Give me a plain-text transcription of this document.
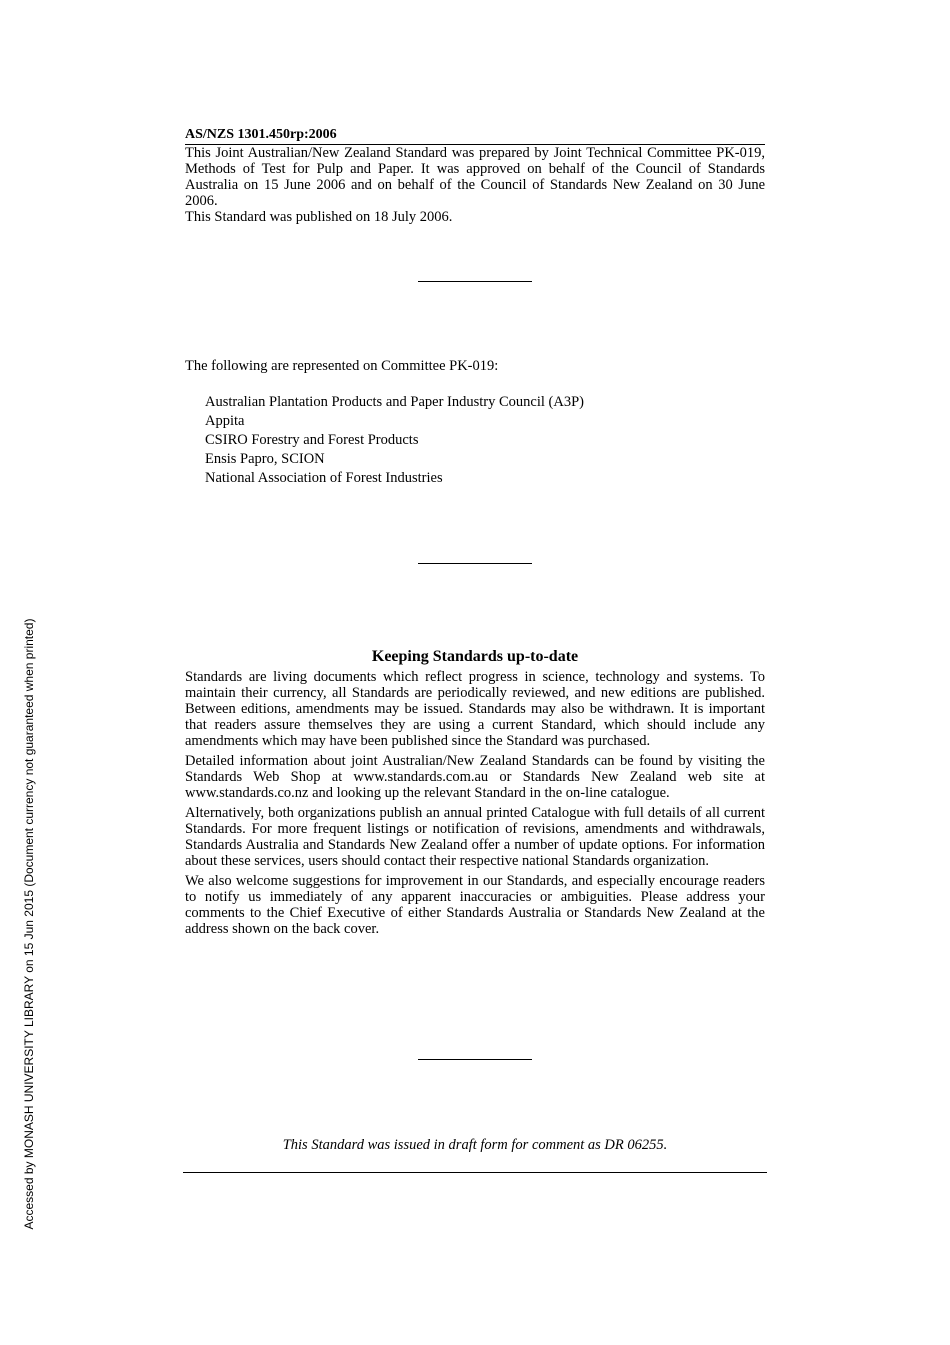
AS/NZS 1301.450rp:2006

This Joint Australian/New Zealand Standard was prepared by Joint Technical Committee PK-019, Methods of Test for Pulp and Paper. It was approved on behalf of the Council of Standards Australia on 15 June 2006 and on behalf of the Council of Standards New Zealand on 30 June 2006.

This Standard was published on 18 July 2006.

The following are represented on Committee PK-019:
Australian Plantation Products and Paper Industry Council (A3P)
Appita
CSIRO Forestry and Forest Products
Ensis Papro, SCION
National Association of Forest Industries
Keeping Standards up-to-date

Standards are living documents which reflect progress in science, technology and systems. To maintain their currency, all Standards are periodically reviewed, and new editions are published. Between editions, amendments may be issued. Standards may also be withdrawn. It is important that readers assure themselves they are using a current Standard, which should include any amendments which may have been published since the Standard was purchased.

Detailed information about joint Australian/New Zealand Standards can be found by visiting the Standards Web Shop at www.standards.com.au or Standards New Zealand web site at www.standards.co.nz and looking up the relevant Standard in the on-line catalogue.

Alternatively, both organizations publish an annual printed Catalogue with full details of all current Standards. For more frequent listings or notification of revisions, amendments and withdrawals, Standards Australia and Standards New Zealand offer a number of update options. For information about these services, users should contact their respective national Standards organization.

We also welcome suggestions for improvement in our Standards, and especially encourage readers to notify us immediately of any apparent inaccuracies or ambiguities. Please address your comments to the Chief Executive of either Standards Australia or Standards New Zealand at the address shown on the back cover.

This Standard was issued in draft form for comment as DR 06255.
Accessed by MONASH UNIVERSITY LIBRARY on 15 Jun 2015 (Document currency not guaranteed when printed)
